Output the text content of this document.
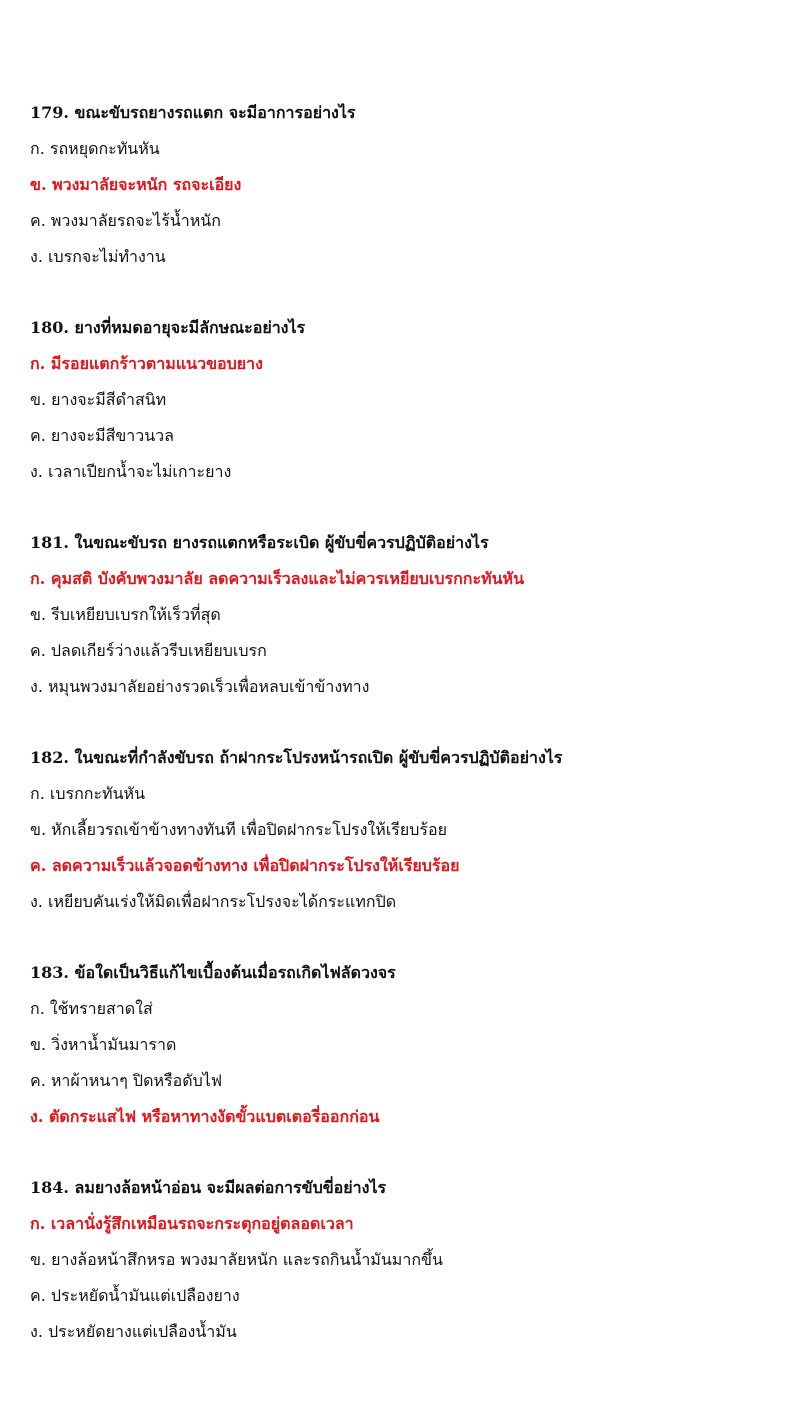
179. ขณะขับรถยางรถแตก จะมีอาการอย่างไร
ก. รถหยุดกะทันหัน
ข. พวงมาลัยจะหนัก รถจะเอียง
ค. พวงมาลัยรถจะไร้น้ำหนัก
ง. เบรกจะไม่ทำงาน
180. ยางที่หมดอายุจะมีลักษณะอย่างไร
ก. มีรอยแตกร้าวตามแนวขอบยาง
ข. ยางจะมีสีดำสนิท
ค. ยางจะมีสีขาวนวล
ง. เวลาเปียกน้ำจะไม่เกาะยาง
181. ในขณะขับรถ ยางรถแตกหรือระเบิด ผู้ขับขี่ควรปฏิบัติอย่างไร
ก. คุมสติ บังคับพวงมาลัย ลดความเร็วลงและไม่ควรเหยียบเบรกกะทันหัน
ข. รีบเหยียบเบรกให้เร็วที่สุด
ค. ปลดเกียร์ว่างแล้วรีบเหยียบเบรก
ง. หมุนพวงมาลัยอย่างรวดเร็วเพื่อหลบเข้าข้างทาง
182. ในขณะที่กำลังขับรถ ถ้าฝากระโปรงหน้ารถเปิด ผู้ขับขี่ควรปฏิบัติอย่างไร
ก. เบรกกะทันหัน
ข. หักเลี้ยวรถเข้าข้างทางทันที เพื่อปิดฝากระโปรงให้เรียบร้อย
ค. ลดความเร็วแล้วจอดข้างทาง เพื่อปิดฝากระโปรงให้เรียบร้อย
ง. เหยียบคันเร่งให้มิดเพื่อฝากระโปรงจะได้กระแทกปิด
183. ข้อใดเป็นวิธีแก้ไขเบื้องต้นเมื่อรถเกิดไฟลัดวงจร
ก. ใช้ทรายสาดใส่
ข. วิ่งหาน้ำมันมาราด
ค. หาผ้าหนาๆ ปิดหรือดับไฟ
ง. ตัดกระแสไฟ หรือหาทางงัดขั้วแบตเตอรี่ออกก่อน
184. ลมยางล้อหน้าอ่อน จะมีผลต่อการขับขี่อย่างไร
ก. เวลานั่งรู้สึกเหมือนรถจะกระตุกอยู่ตลอดเวลา
ข. ยางล้อหน้าสึกหรอ พวงมาลัยหนัก และรถกินน้ำมันมากขึ้น
ค. ประหยัดน้ำมันแต่เปลืองยาง
ง. ประหยัดยางแต่เปลืองน้ำมัน
